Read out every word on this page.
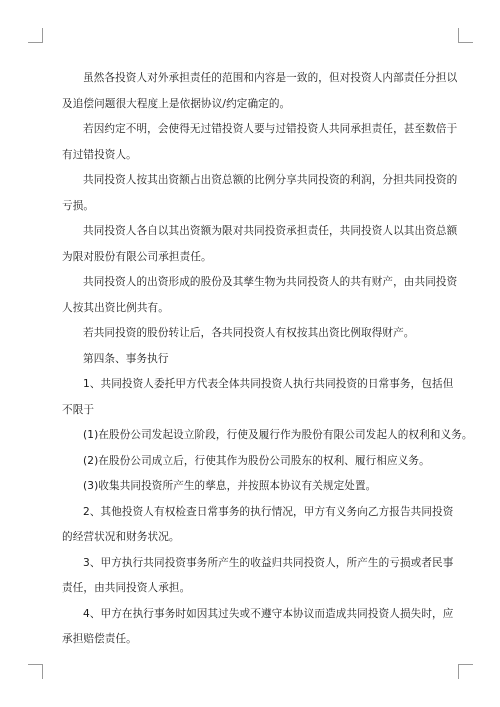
虽然各投资人对外承担责任的范围和内容是一致的，但对投资人内部责任分担以

及追偿问题很大程度上是依据协议/约定确定的。

若因约定不明，会使得无过错投资人要与过错投资人共同承担责任，甚至数倍于

有过错投资人。

共同投资人按其出资额占出资总额的比例分享共同投资的利润，分担共同投资的

亏损。

共同投资人各自以其出资额为限对共同投资承担责任，共同投资人以其出资总额

为限对股份有限公司承担责任。

共同投资人的出资形成的股份及其孳生物为共同投资人的共有财产，由共同投资

人按其出资比例共有。

若共同投资的股份转让后，各共同投资人有权按其出资比例取得财产。

第四条、事务执行

1、共同投资人委托甲方代表全体共同投资人执行共同投资的日常事务，包括但

不限于

(1)在股份公司发起设立阶段，行使及履行作为股份有限公司发起人的权利和义务。

(2)在股份公司成立后，行使其作为股份公司股东的权利、履行相应义务。

(3)收集共同投资所产生的孳息，并按照本协议有关规定处置。

2、其他投资人有权检查日常事务的执行情况，甲方有义务向乙方报告共同投资

的经营状况和财务状况。

3、甲方执行共同投资事务所产生的收益归共同投资人，所产生的亏损或者民事

责任，由共同投资人承担。

4、甲方在执行事务时如因其过失或不遵守本协议而造成共同投资人损失时，应

承担赔偿责任。
